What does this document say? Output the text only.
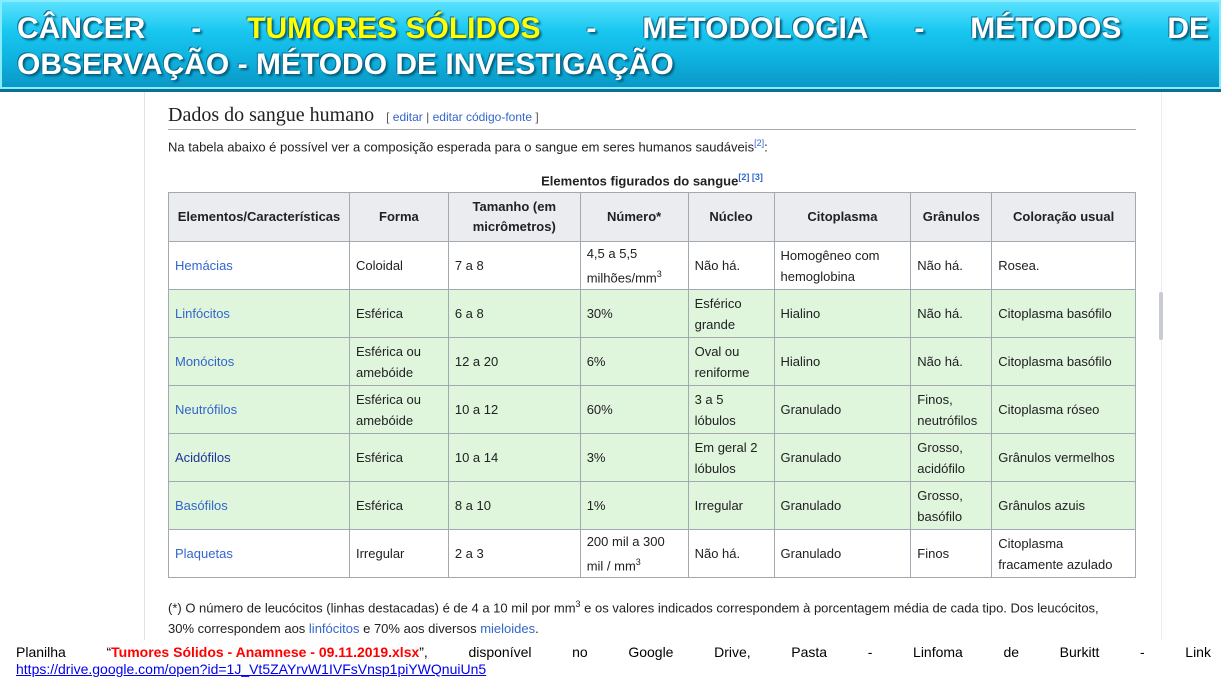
CÂNCER - TUMORES SÓLIDOS - METODOLOGIA - MÉTODOS DE
OBSERVAÇÃO - MÉTODO DE INVESTIGAÇÃO
Dados do sangue humano [ editar | editar código-fonte ]
Na tabela abaixo é possível ver a composição esperada para o sangue em seres humanos saudáveis[2]:
Elementos figurados do sangue[2] [3]
Elementos/Características	Forma	Tamanho (em micrômetros)	Número*	Núcleo	Citoplasma	Grânulos	Coloração usual
Hemácias	Coloidal	7 a 8	4,5 a 5,5 milhões/$mm^3$	Não há.	Homogêneo com hemoglobina	Não há.	Rosea.
Linfócitos	Esférica	6 a 8	30%	Esférico grande	Hialino	Não há.	Citoplasma basófilo
Monócitos	Esférica ou amebóide	12 a 20	6%	Oval ou reniforme	Hialino	Não há.	Citoplasma basófilo
Neutrófilos	Esférica ou amebóide	10 a 12	60%	3 a 5 lóbulos	Granulado	Finos, neutrófilos	Citoplasma róseo
Acidófilos	Esférica	10 a 14	3%	Em geral 2 lóbulos	Granulado	Grosso, acidófilo	Grânulos vermelhos
Basófilos	Esférica	8 a 10	1%	Irregular	Granulado	Grosso, basófilo	Grânulos azuis
Plaquetas	Irregular	2 a 3	200 mil a 300 mil / $mm^3$	Não há.	Granulado	Finos	Citoplasma fracamente azulado
(*) O número de leucócitos (linhas destacadas) é de 4 a 10 mil por $mm^3$ e os valores indicados correspondem à porcentagem média de cada tipo. Dos leucócitos, 30% correspondem aos linfócitos e 70% aos diversos mieloides.
Planilha	“Tumores Sólidos - Anamnese - 09.11.2019.xlsx”,	disponível	no	Google	Drive,	Pasta	-	Linfoma	de	Burkitt	-	Link
https://drive.google.com/open?id=1J_Vt5ZAYrvW1IVFsVnsp1piYWQnuiUn5
